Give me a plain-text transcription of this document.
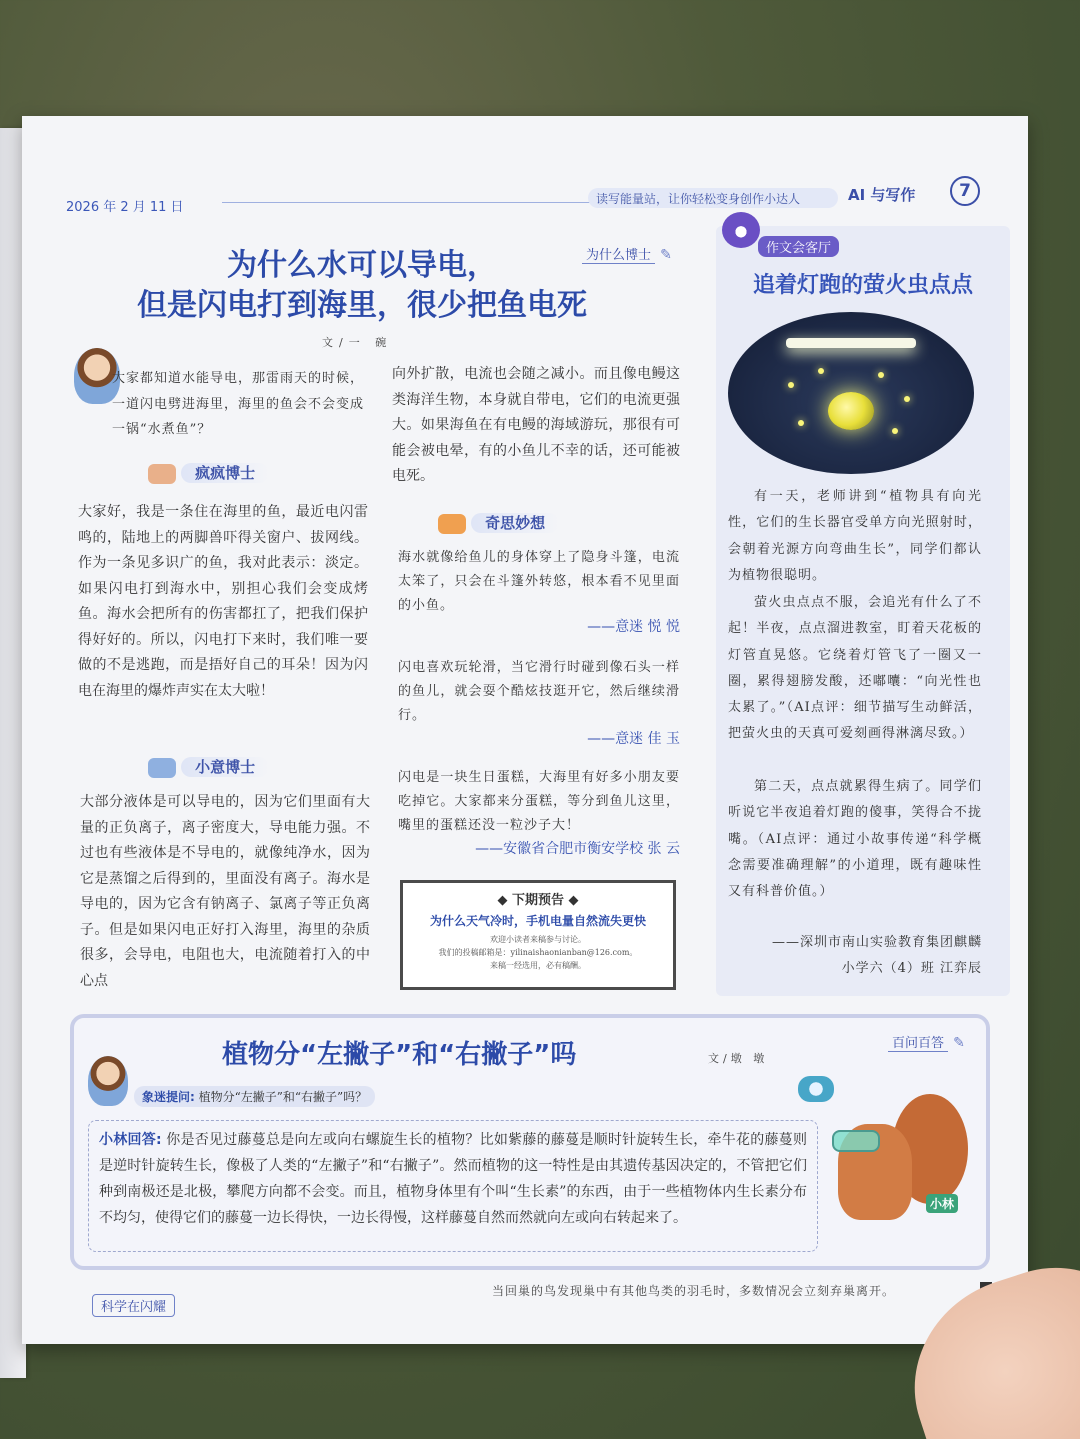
2026 年 2 月 11 日
读写能量站，让你轻松变身创作小达人	AI 与写作	7
为什么水可以导电，
但是闪电打到海里，很少把鱼电死
为什么博士 ✎
文/一 碗
大家都知道水能导电，那雷雨天的时候，一道闪电劈进海里，海里的鱼会不会变成一锅“水煮鱼”？
疯疯博士
大家好，我是一条住在海里的鱼，最近电闪雷鸣的，陆地上的两脚兽吓得关窗户、拔网线。作为一条见多识广的鱼，我对此表示：淡定。如果闪电打到海水中，别担心我们会变成烤鱼。海水会把所有的伤害都扛了，把我们保护得好好的。所以，闪电打下来时，我们唯一要做的不是逃跑，而是捂好自己的耳朵！因为闪电在海里的爆炸声实在太大啦！
小意博士
大部分液体是可以导电的，因为它们里面有大量的正负离子，离子密度大，导电能力强。不过也有些液体是不导电的，就像纯净水，因为它是蒸馏之后得到的，里面没有离子。海水是导电的，因为它含有钠离子、氯离子等正负离子。但是如果闪电正好打入海里，海里的杂质很多，会导电，电阻也大，电流随着打入的中心点
向外扩散，电流也会随之减小。而且像电鳗这类海洋生物，本身就自带电，它们的电流更强大。如果海鱼在有电鳗的海域游玩，那很有可能会被电晕，有的小鱼儿不幸的话，还可能被电死。
奇思妙想
海水就像给鱼儿的身体穿上了隐身斗篷，电流太笨了，只会在斗篷外转悠，根本看不见里面的小鱼。
——意迷 悦 悦
闪电喜欢玩轮滑，当它滑行时碰到像石头一样的鱼儿，就会耍个酷炫技逛开它，然后继续滑行。
——意迷 佳 玉
闪电是一块生日蛋糕，大海里有好多小朋友要吃掉它。大家都来分蛋糕，等分到鱼儿这里，嘴里的蛋糕还没一粒沙子大！
——安徽省合肥市衡安学校 张 云
◆ 下期预告 ◆
为什么天气冷时，手机电量自然流失更快
欢迎小读者来稿参与讨论。
我们的投稿邮箱是：yilinaishaonianban@126.com。
来稿一经选用，必有稿酬。
作文会客厅
追着灯跑的萤火虫点点
有一天，老师讲到“植物具有向光性，它们的生长器官受单方向光照射时，会朝着光源方向弯曲生长”，同学们都认为植物很聪明。
萤火虫点点不服，会追光有什么了不起！半夜，点点溜进教室，盯着天花板的灯管直晃悠。它绕着灯管飞了一圈又一圈，累得翅膀发酸，还嘟囔：“向光性也太累了。”（AI点评：细节描写生动鲜活，把萤火虫的天真可爱刻画得淋漓尽致。）
第二天，点点就累得生病了。同学们听说它半夜追着灯跑的傻事，笑得合不拢嘴。（AI点评：通过小故事传递“科学概念需要准确理解”的小道理，既有趣味性又有科普价值。）
——深圳市南山实验教育集团麒麟
小学六（4）班 江弈辰
植物分“左撇子”和“右撇子”吗	文/墩 墩
百问百答 ✎
象迷提问: 植物分“左撇子”和“右撇子”吗？
小林回答: 你是否见过藤蔓总是向左或向右螺旋生长的植物？比如紫藤的藤蔓是顺时针旋转生长，牵牛花的藤蔓则是逆时针旋转生长，像极了人类的“左撇子”和“右撇子”。然而植物的这一特性是由其遗传基因决定的，不管把它们种到南极还是北极，攀爬方向都不会变。而且，植物身体里有个叫“生长素”的东西，由于一些植物体内生长素分布不均匀，使得它们的藤蔓一边长得快，一边长得慢，这样藤蔓自然而然就向左或向右转起来了。
小林
当回巢的鸟发现巢中有其他鸟类的羽毛时，多数情况会立刻弃巢离开。
科学在闪耀
